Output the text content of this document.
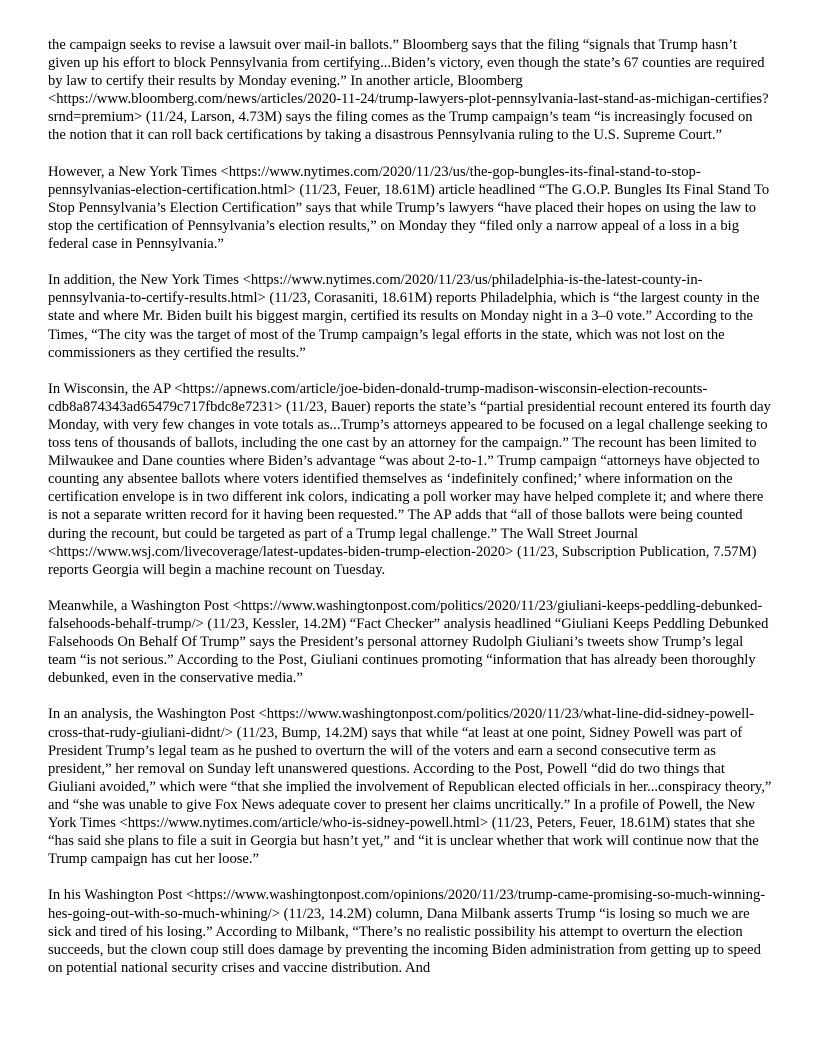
the campaign seeks to revise a lawsuit over mail-in ballots.” Bloomberg says that the filing “signals that Trump hasn’t given up his effort to block Pennsylvania from certifying...Biden’s victory, even though the state’s 67 counties are required by law to certify their results by Monday evening.” In another article, Bloomberg <https://www.bloomberg.com/news/articles/2020-11-24/trump-lawyers-plot-pennsylvania-last-stand-as-michigan-certifies?srnd=premium> (11/24, Larson, 4.73M) says the filing comes as the Trump campaign’s team “is increasingly focused on the notion that it can roll back certifications by taking a disastrous Pennsylvania ruling to the U.S. Supreme Court.”

However, a New York Times <https://www.nytimes.com/2020/11/23/us/the-gop-bungles-its-final-stand-to-stop-pennsylvanias-election-certification.html> (11/23, Feuer, 18.61M) article headlined “The G.O.P. Bungles Its Final Stand To Stop Pennsylvania’s Election Certification” says that while Trump’s lawyers “have placed their hopes on using the law to stop the certification of Pennsylvania’s election results,” on Monday they “filed only a narrow appeal of a loss in a big federal case in Pennsylvania.”

In addition, the New York Times <https://www.nytimes.com/2020/11/23/us/philadelphia-is-the-latest-county-in-pennsylvania-to-certify-results.html> (11/23, Corasaniti, 18.61M) reports Philadelphia, which is “the largest county in the state and where Mr. Biden built his biggest margin, certified its results on Monday night in a 3–0 vote.” According to the Times, “The city was the target of most of the Trump campaign’s legal efforts in the state, which was not lost on the commissioners as they certified the results.”

In Wisconsin, the AP <https://apnews.com/article/joe-biden-donald-trump-madison-wisconsin-election-recounts-cdb8a874343ad65479c717fbdc8e7231> (11/23, Bauer) reports the state’s “partial presidential recount entered its fourth day Monday, with very few changes in vote totals as...Trump’s attorneys appeared to be focused on a legal challenge seeking to toss tens of thousands of ballots, including the one cast by an attorney for the campaign.” The recount has been limited to Milwaukee and Dane counties where Biden’s advantage “was about 2-to-1.” Trump campaign “attorneys have objected to counting any absentee ballots where voters identified themselves as ‘indefinitely confined;’ where information on the certification envelope is in two different ink colors, indicating a poll worker may have helped complete it; and where there is not a separate written record for it having been requested.” The AP adds that “all of those ballots were being counted during the recount, but could be targeted as part of a Trump legal challenge.” The Wall Street Journal <https://www.wsj.com/livecoverage/latest-updates-biden-trump-election-2020> (11/23, Subscription Publication, 7.57M) reports Georgia will begin a machine recount on Tuesday.

Meanwhile, a Washington Post <https://www.washingtonpost.com/politics/2020/11/23/giuliani-keeps-peddling-debunked-falsehoods-behalf-trump/> (11/23, Kessler, 14.2M) “Fact Checker” analysis headlined “Giuliani Keeps Peddling Debunked Falsehoods On Behalf Of Trump” says the President’s personal attorney Rudolph Giuliani’s tweets show Trump’s legal team “is not serious.” According to the Post, Giuliani continues promoting “information that has already been thoroughly debunked, even in the conservative media.”

In an analysis, the Washington Post <https://www.washingtonpost.com/politics/2020/11/23/what-line-did-sidney-powell-cross-that-rudy-giuliani-didnt/> (11/23, Bump, 14.2M) says that while “at least at one point, Sidney Powell was part of President Trump’s legal team as he pushed to overturn the will of the voters and earn a second consecutive term as president,” her removal on Sunday left unanswered questions. According to the Post, Powell “did do two things that Giuliani avoided,” which were “that she implied the involvement of Republican elected officials in her...conspiracy theory,” and “she was unable to give Fox News adequate cover to present her claims uncritically.” In a profile of Powell, the New York Times <https://www.nytimes.com/article/who-is-sidney-powell.html> (11/23, Peters, Feuer, 18.61M) states that she “has said she plans to file a suit in Georgia but hasn’t yet,” and “it is unclear whether that work will continue now that the Trump campaign has cut her loose.”

In his Washington Post <https://www.washingtonpost.com/opinions/2020/11/23/trump-came-promising-so-much-winning-hes-going-out-with-so-much-whining/> (11/23, 14.2M) column, Dana Milbank asserts Trump “is losing so much we are sick and tired of his losing.” According to Milbank, “There’s no realistic possibility his attempt to overturn the election succeeds, but the clown coup still does damage by preventing the incoming Biden administration from getting up to speed on potential national security crises and vaccine distribution. And
